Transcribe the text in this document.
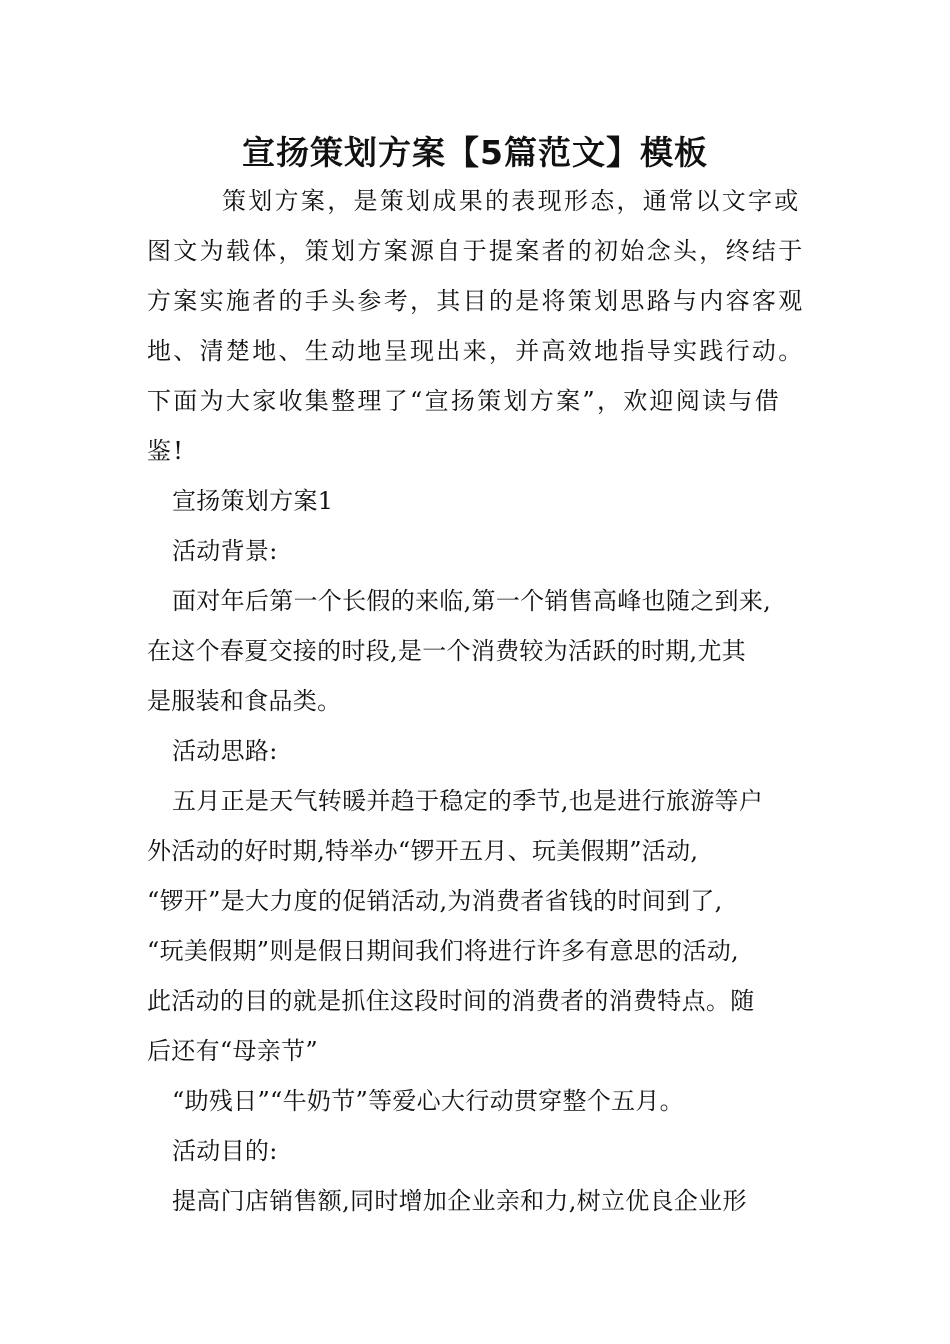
宣扬策划方案【5篇范文】模板
策划方案，是策划成果的表现形态，通常以文字或
图文为载体，策划方案源自于提案者的初始念头，终结于
方案实施者的手头参考，其目的是将策划思路与内容客观
地、清楚地、生动地呈现出来，并高效地指导实践行动。
下面为大家收集整理了“宣扬策划方案”，欢迎阅读与借
鉴!
宣扬策划方案1
活动背景:
面对年后第一个长假的来临,第一个销售高峰也随之到来,
在这个春夏交接的时段,是一个消费较为活跃的时期,尤其
是服装和食品类。
活动思路:
五月正是天气转暖并趋于稳定的季节,也是进行旅游等户
外活动的好时期,特举办“锣开五月、玩美假期”活动,
“锣开”是大力度的促销活动,为消费者省钱的时间到了,
“玩美假期”则是假日期间我们将进行许多有意思的活动,
此活动的目的就是抓住这段时间的消费者的消费特点。随
后还有“母亲节”
“助残日”“牛奶节”等爱心大行动贯穿整个五月。
活动目的:
提高门店销售额,同时增加企业亲和力,树立优良企业形
